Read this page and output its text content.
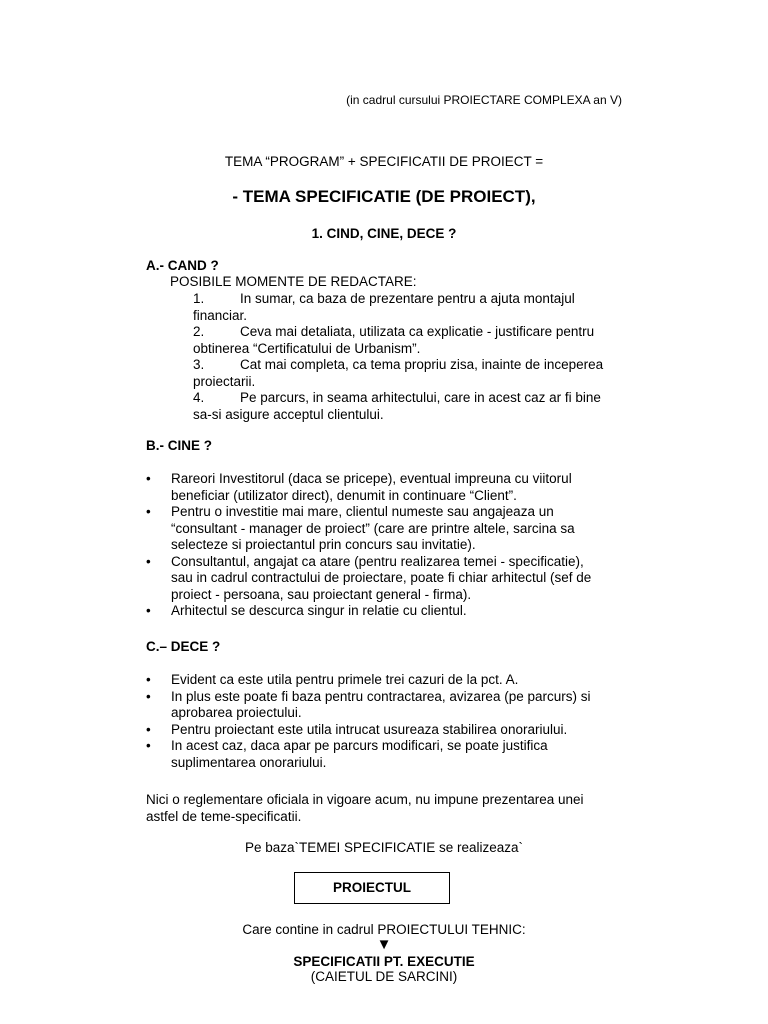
(in cadrul cursului PROIECTARE COMPLEXA an V)
TEMA “PROGRAM” + SPECIFICATII DE PROIECT =
- TEMA SPECIFICATIE (DE PROIECT),
1. CIND, CINE, DECE ?
A.- CAND ?
POSIBILE MOMENTE DE REDACTARE:
1.	In sumar, ca baza de prezentare pentru a ajuta montajul
financiar.
2.	Ceva mai detaliata, utilizata ca explicatie - justificare pentru
obtinerea “Certificatului de Urbanism”.
3.	Cat mai completa, ca tema propriu zisa, inainte de inceperea
proiectarii.
4.	Pe parcurs, in seama arhitectului, care in acest caz ar fi bine
sa-si asigure acceptul clientului.
B.- CINE ?
• Rareori Investitorul (daca se pricepe), eventual impreuna cu viitorul
beneficiar (utilizator direct), denumit in continuare “Client”.
• Pentru o investitie mai mare, clientul numeste sau angajeaza un
“consultant - manager de proiect” (care are printre altele, sarcina sa
selecteze si proiectantul prin concurs sau invitatie).
• Consultantul, angajat ca atare (pentru realizarea temei - specificatie),
sau in cadrul contractului de proiectare, poate fi chiar arhitectul (sef de
proiect - persoana, sau proiectant general - firma).
• Arhitectul se descurca singur in relatie cu clientul.
C.– DECE ?
• Evident ca este utila pentru primele trei cazuri de la pct. A.
• In plus este poate fi baza pentru contractarea, avizarea (pe parcurs) si
aprobarea proiectului.
• Pentru proiectant este utila intrucat usureaza stabilirea onorariului.
• In acest caz, daca apar pe parcurs modificari, se poate justifica
suplimentarea onorariului.
Nici o reglementare oficiala in vigoare acum, nu impune prezentarea unei
astfel de teme-specificatii.
Pe baza`TEMEI SPECIFICATIE se realizeaza`
PROIECTUL
Care contine in cadrul PROIECTULUI TEHNIC:
▼
SPECIFICATII PT. EXECUTIE
(CAIETUL DE SARCINI)
